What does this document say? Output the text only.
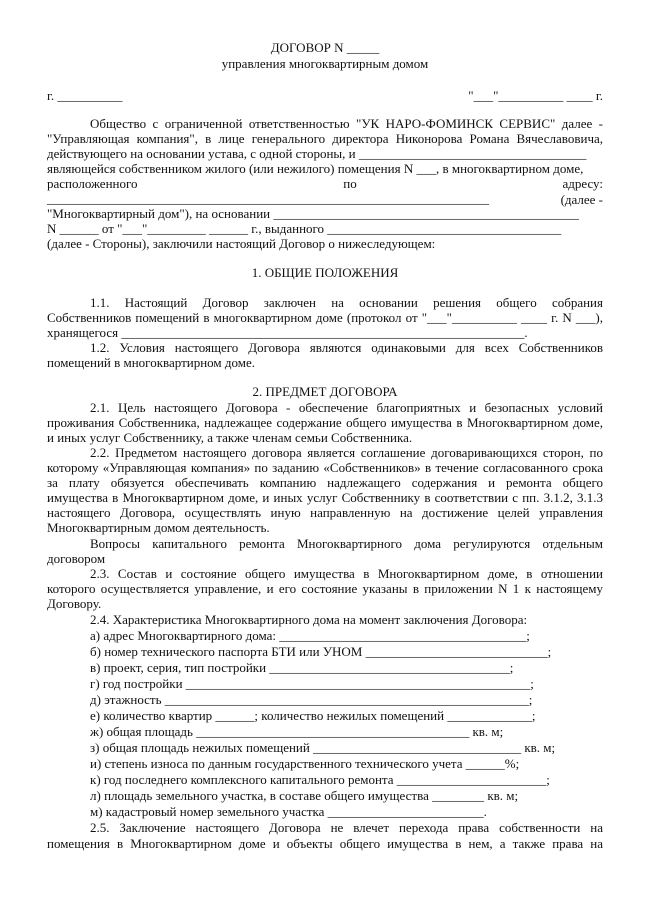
ДОГОВОР N _____
управления многоквартирным домом
г. __________	"___"__________ ____ г.
Общество с ограниченной ответственностью "УК НАРО-ФОМИНСК СЕРВИС" далее -
"Управляющая компания", в лице генерального директора Никонорова Романа Вячеславовича,
действующего на основании устава, с одной стороны, и ___________________________________
являющейся собственником жилого (или нежилого) помещения N ___, в многоквартирном доме,
расположенного по адресу:
____________________________________________________________________	(далее -
"Многоквартирный дом"), на основании _______________________________________________
N ______ от "___"_________ ______ г., выданного ____________________________________
(далее - Стороны), заключили настоящий Договор о нижеследующем:
1. ОБЩИЕ ПОЛОЖЕНИЯ
1.1. Настоящий Договор заключен на основании решения общего собрания
Собственников помещений в многоквартирном доме (протокол от "___"__________ ____ г. N ___),
хранящегося ______________________________________________________________.
1.2. Условия настоящего Договора являются одинаковыми для всех Собственников
помещений в многоквартирном доме.
2. ПРЕДМЕТ ДОГОВОРА
2.1. Цель настоящего Договора - обеспечение благоприятных и безопасных условий
проживания Собственника, надлежащее содержание общего имущества в Многоквартирном доме,
и иных услуг Собственнику, а также членам семьи Собственника.
2.2. Предметом настоящего договора является соглашение договаривающихся сторон, по
которому «Управляющая компания» по заданию «Собственников» в течение согласованного срока
за плату обязуется обеспечивать компанию надлежащего содержания и ремонта общего
имущества в Многоквартирном доме, и иных услуг Собственнику в соответствии с пп. 3.1.2, 3.1.3
настоящего Договора, осуществлять иную направленную на достижение целей управления
Многоквартирным домом деятельность.
Вопросы капитального ремонта Многоквартирного дома регулируются отдельным
договором
2.3. Состав и состояние общего имущества в Многоквартирном доме, в отношении
которого осуществляется управление, и его состояние указаны в приложении N 1 к настоящему
Договору.
2.4. Характеристика Многоквартирного дома на момент заключения Договора:
а) адрес Многоквартирного дома: ______________________________________;
б) номер технического паспорта БТИ или УНОМ ____________________________;
в) проект, серия, тип постройки _____________________________________;
г) год постройки _____________________________________________________;
д) этажность ________________________________________________________;
е) количество квартир ______; количество нежилых помещений _____________;
ж) общая площадь __________________________________________ кв. м;
з) общая площадь нежилых помещений ________________________________ кв. м;
и) степень износа по данным государственного технического учета ______%;
к) год последнего комплексного капитального ремонта _______________________;
л) площадь земельного участка, в составе общего имущества ________ кв. м;
м) кадастровый номер земельного участка ________________________.
2.5. Заключение настоящего Договора не влечет перехода права собственности на
помещения в Многоквартирном доме и объекты общего имущества в нем, а также права на
